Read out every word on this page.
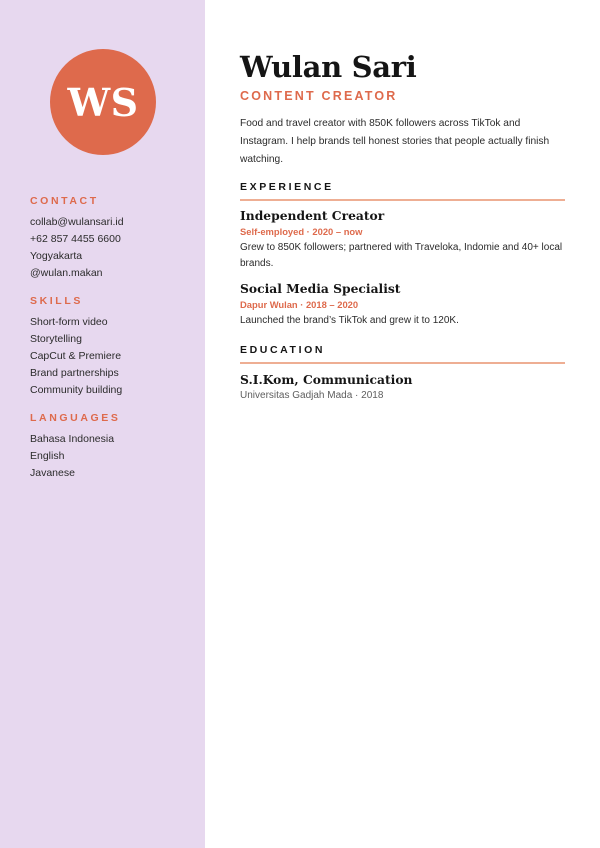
WS
CONTACT
collab@wulansari.id
+62 857 4455 6600
Yogyakarta
@wulan.makan
SKILLS
Short-form video
Storytelling
CapCut & Premiere
Brand partnerships
Community building
LANGUAGES
Bahasa Indonesia
English
Javanese
Wulan Sari
CONTENT CREATOR

Food and travel creator with 850K followers across TikTok and Instagram. I help brands tell honest stories that people actually finish watching.

EXPERIENCE
Independent Creator
Self-employed · 2020 – now
Grew to 850K followers; partnered with Traveloka, Indomie and 40+ local brands.
Social Media Specialist
Dapur Wulan · 2018 – 2020
Launched the brand’s TikTok and grew it to 120K.
EDUCATION
S.I.Kom, Communication
Universitas Gadjah Mada · 2018
